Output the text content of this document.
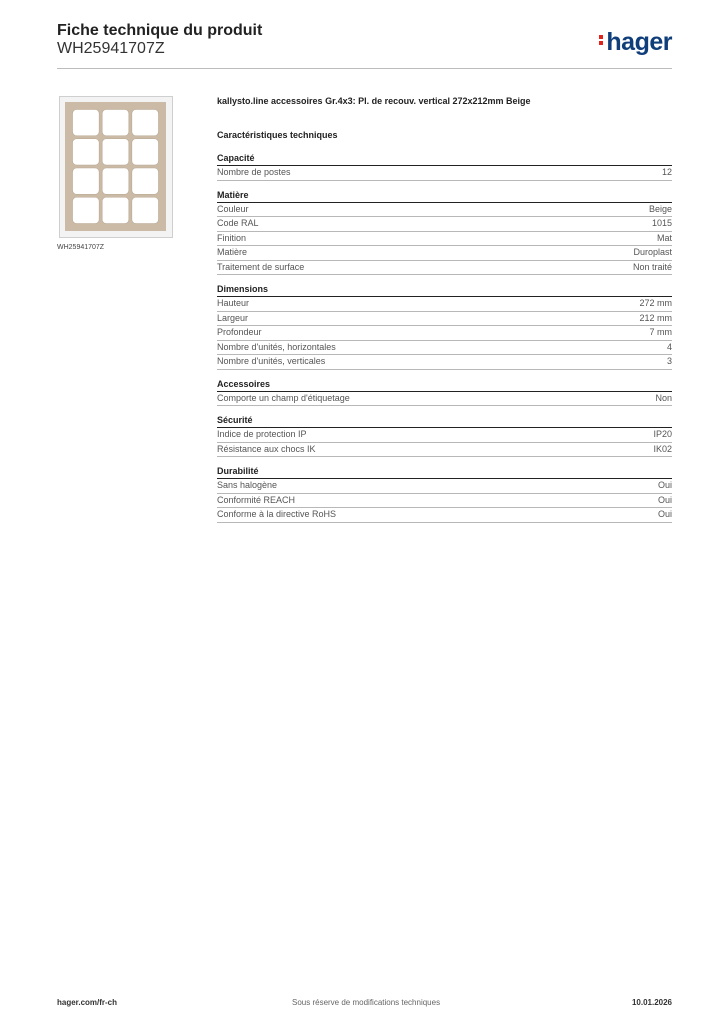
Fiche technique du produit
WH25941707Z	hager
WH25941707Z
kallysto.line accessoires Gr.4x3: Pl. de recouv. vertical 272x212mm Beige
Caractéristiques techniques
Capacité
Nombre de postes	12
Matière
Couleur	Beige
Code RAL	1015
Finition	Mat
Matière	Duroplast
Traitement de surface	Non traité
Dimensions
Hauteur	272 mm
Largeur	212 mm
Profondeur	7 mm
Nombre d'unités, horizontales	4
Nombre d'unités, verticales	3
Accessoires
Comporte un champ d'étiquetage	Non
Sécurité
Indice de protection IP	IP20
Résistance aux chocs IK	IK02
Durabilité
Sans halogène	Oui
Conformité REACH	Oui
Conforme à la directive RoHS	Oui
hager.com/fr-ch	Sous réserve de modifications techniques	10.01.2026
